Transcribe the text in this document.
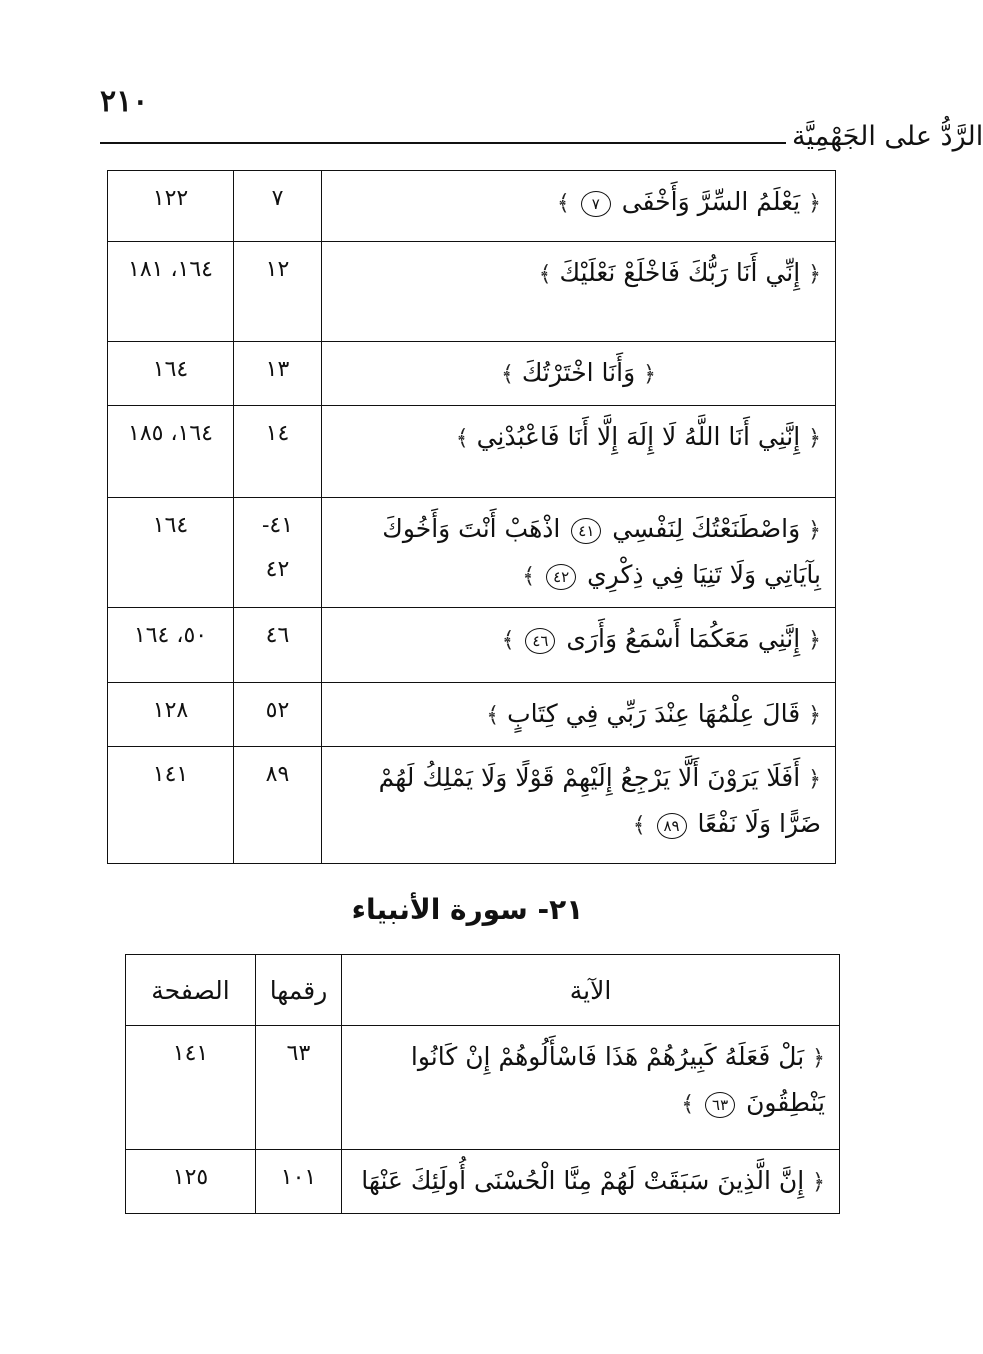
٢١٠
الرَّدُّ على الجَهْمِيَّة
﴿ يَعْلَمُ السِّرَّ وَأَخْفَى ٧ ﴾	٧	١٢٢
﴿ إِنِّي أَنَا رَبُّكَ فَاخْلَعْ نَعْلَيْكَ ﴾	١٢	١٦٤، ١٨١
﴿ وَأَنَا اخْتَرْتُكَ ﴾	١٣	١٦٤
﴿ إِنَّنِي أَنَا اللَّهُ لَا إِلَهَ إِلَّا أَنَا فَاعْبُدْنِي ﴾	١٤	١٦٤، ١٨٥
﴿ وَاصْطَنَعْتُكَ لِنَفْسِي ٤١ اذْهَبْ أَنْتَ وَأَخُوكَ بِآيَاتِي وَلَا تَنِيَا فِي ذِكْرِي ٤٢ ﴾	٤١- ٤٢	١٦٤
﴿ إِنَّنِي مَعَكُمَا أَسْمَعُ وَأَرَى ٤٦ ﴾	٤٦	٥٠، ١٦٤
﴿ قَالَ عِلْمُهَا عِنْدَ رَبِّي فِي كِتَابٍ ﴾	٥٢	١٢٨
﴿ أَفَلَا يَرَوْنَ أَلَّا يَرْجِعُ إِلَيْهِمْ قَوْلًا وَلَا يَمْلِكُ لَهُمْ ضَرًّا وَلَا نَفْعًا ٨٩ ﴾	٨٩	١٤١
٢١- سورة الأنبياء
الآية	رقمها	الصفحة
﴿ بَلْ فَعَلَهُ كَبِيرُهُمْ هَذَا فَاسْأَلُوهُمْ إِنْ كَانُوا يَنْطِقُونَ ٦٣ ﴾	٦٣	١٤١
﴿ إِنَّ الَّذِينَ سَبَقَتْ لَهُمْ مِنَّا الْحُسْنَى أُولَئِكَ عَنْهَا	١٠١	١٢٥
